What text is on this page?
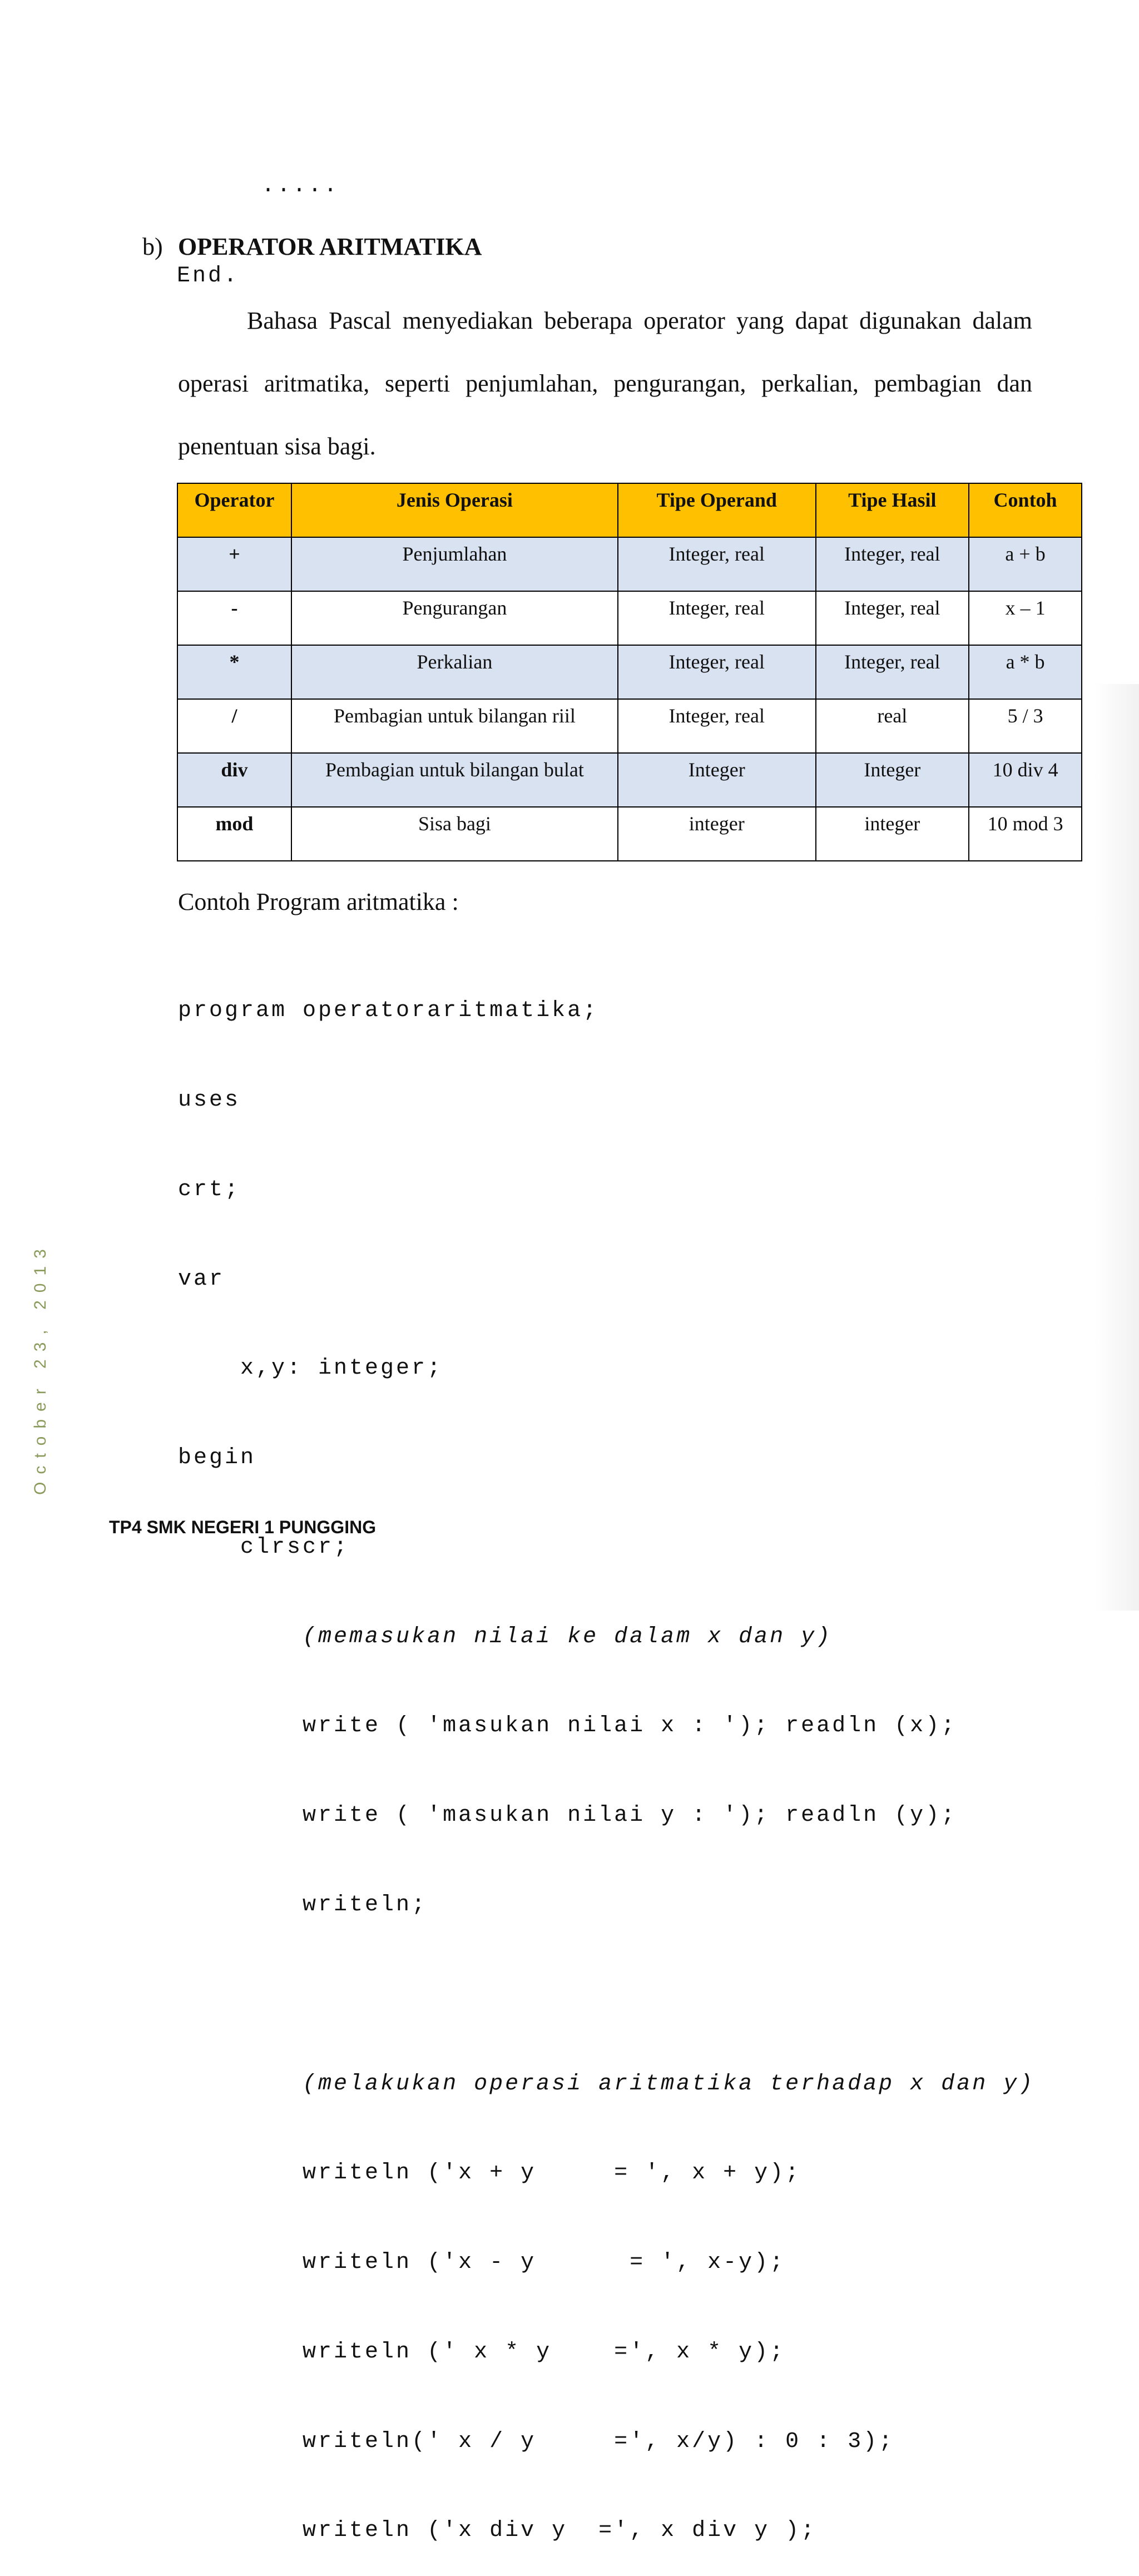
.....

End.

b) OPERATOR ARITMATIKA
Bahasa Pascal menyediakan beberapa operator yang dapat digunakan dalam operasi aritmatika, seperti penjumlahan, pengurangan, perkalian, pembagian dan penentuan sisa bagi.
Operator	Jenis Operasi	Tipe Operand	Tipe Hasil	Contoh
+	Penjumlahan	Integer, real	Integer, real	a + b
-	Pengurangan	Integer, real	Integer, real	x – 1
*	Perkalian	Integer, real	Integer, real	a * b
/	Pembagian untuk bilangan riil	Integer, real	real	5 / 3
div	Pembagian untuk bilangan bulat	Integer	Integer	10 div 4
mod	Sisa bagi	integer	integer	10 mod 3
Contoh Program aritmatika :

program operatoraritmatika;

uses

crt;

var

x,y: integer;

begin

clrscr;

(memasukan nilai ke dalam x dan y)

write ( 'masukan nilai x : '); readln (x);

write ( 'masukan nilai y : '); readln (y);

writeln;

(melakukan operasi aritmatika terhadap x dan y)

writeln ('x + y     = ', x + y);

writeln ('x - y      = ', x-y);

writeln (' x * y    =', x * y);

writeln(' x / y     =', x/y) : 0 : 3);

writeln ('x div y  =', x div y );

October 23, 2013
TP4 SMK NEGERI 1 PUNGGING
